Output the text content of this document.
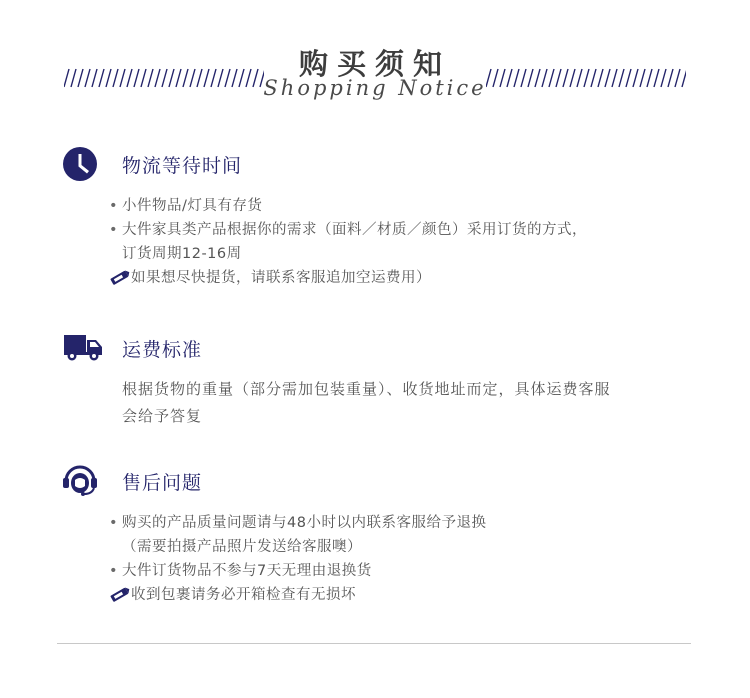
购买须知
Shopping Notice
物流等待时间
• 小件物品/灯具有存货
• 大件家具类产品根据你的需求（面料／材质／颜色）采用订货的方式，
订货周期12-16周
如果想尽快提货，请联系客服追加空运费用）
运费标准
根据货物的重量（部分需加包装重量）、收货地址而定，具体运费客服
会给予答复
售后问题
• 购买的产品质量问题请与48小时以内联系客服给予退换
（需要拍摄产品照片发送给客服噢）
• 大件订货物品不参与7天无理由退换货
收到包裹请务必开箱检查有无损坏
